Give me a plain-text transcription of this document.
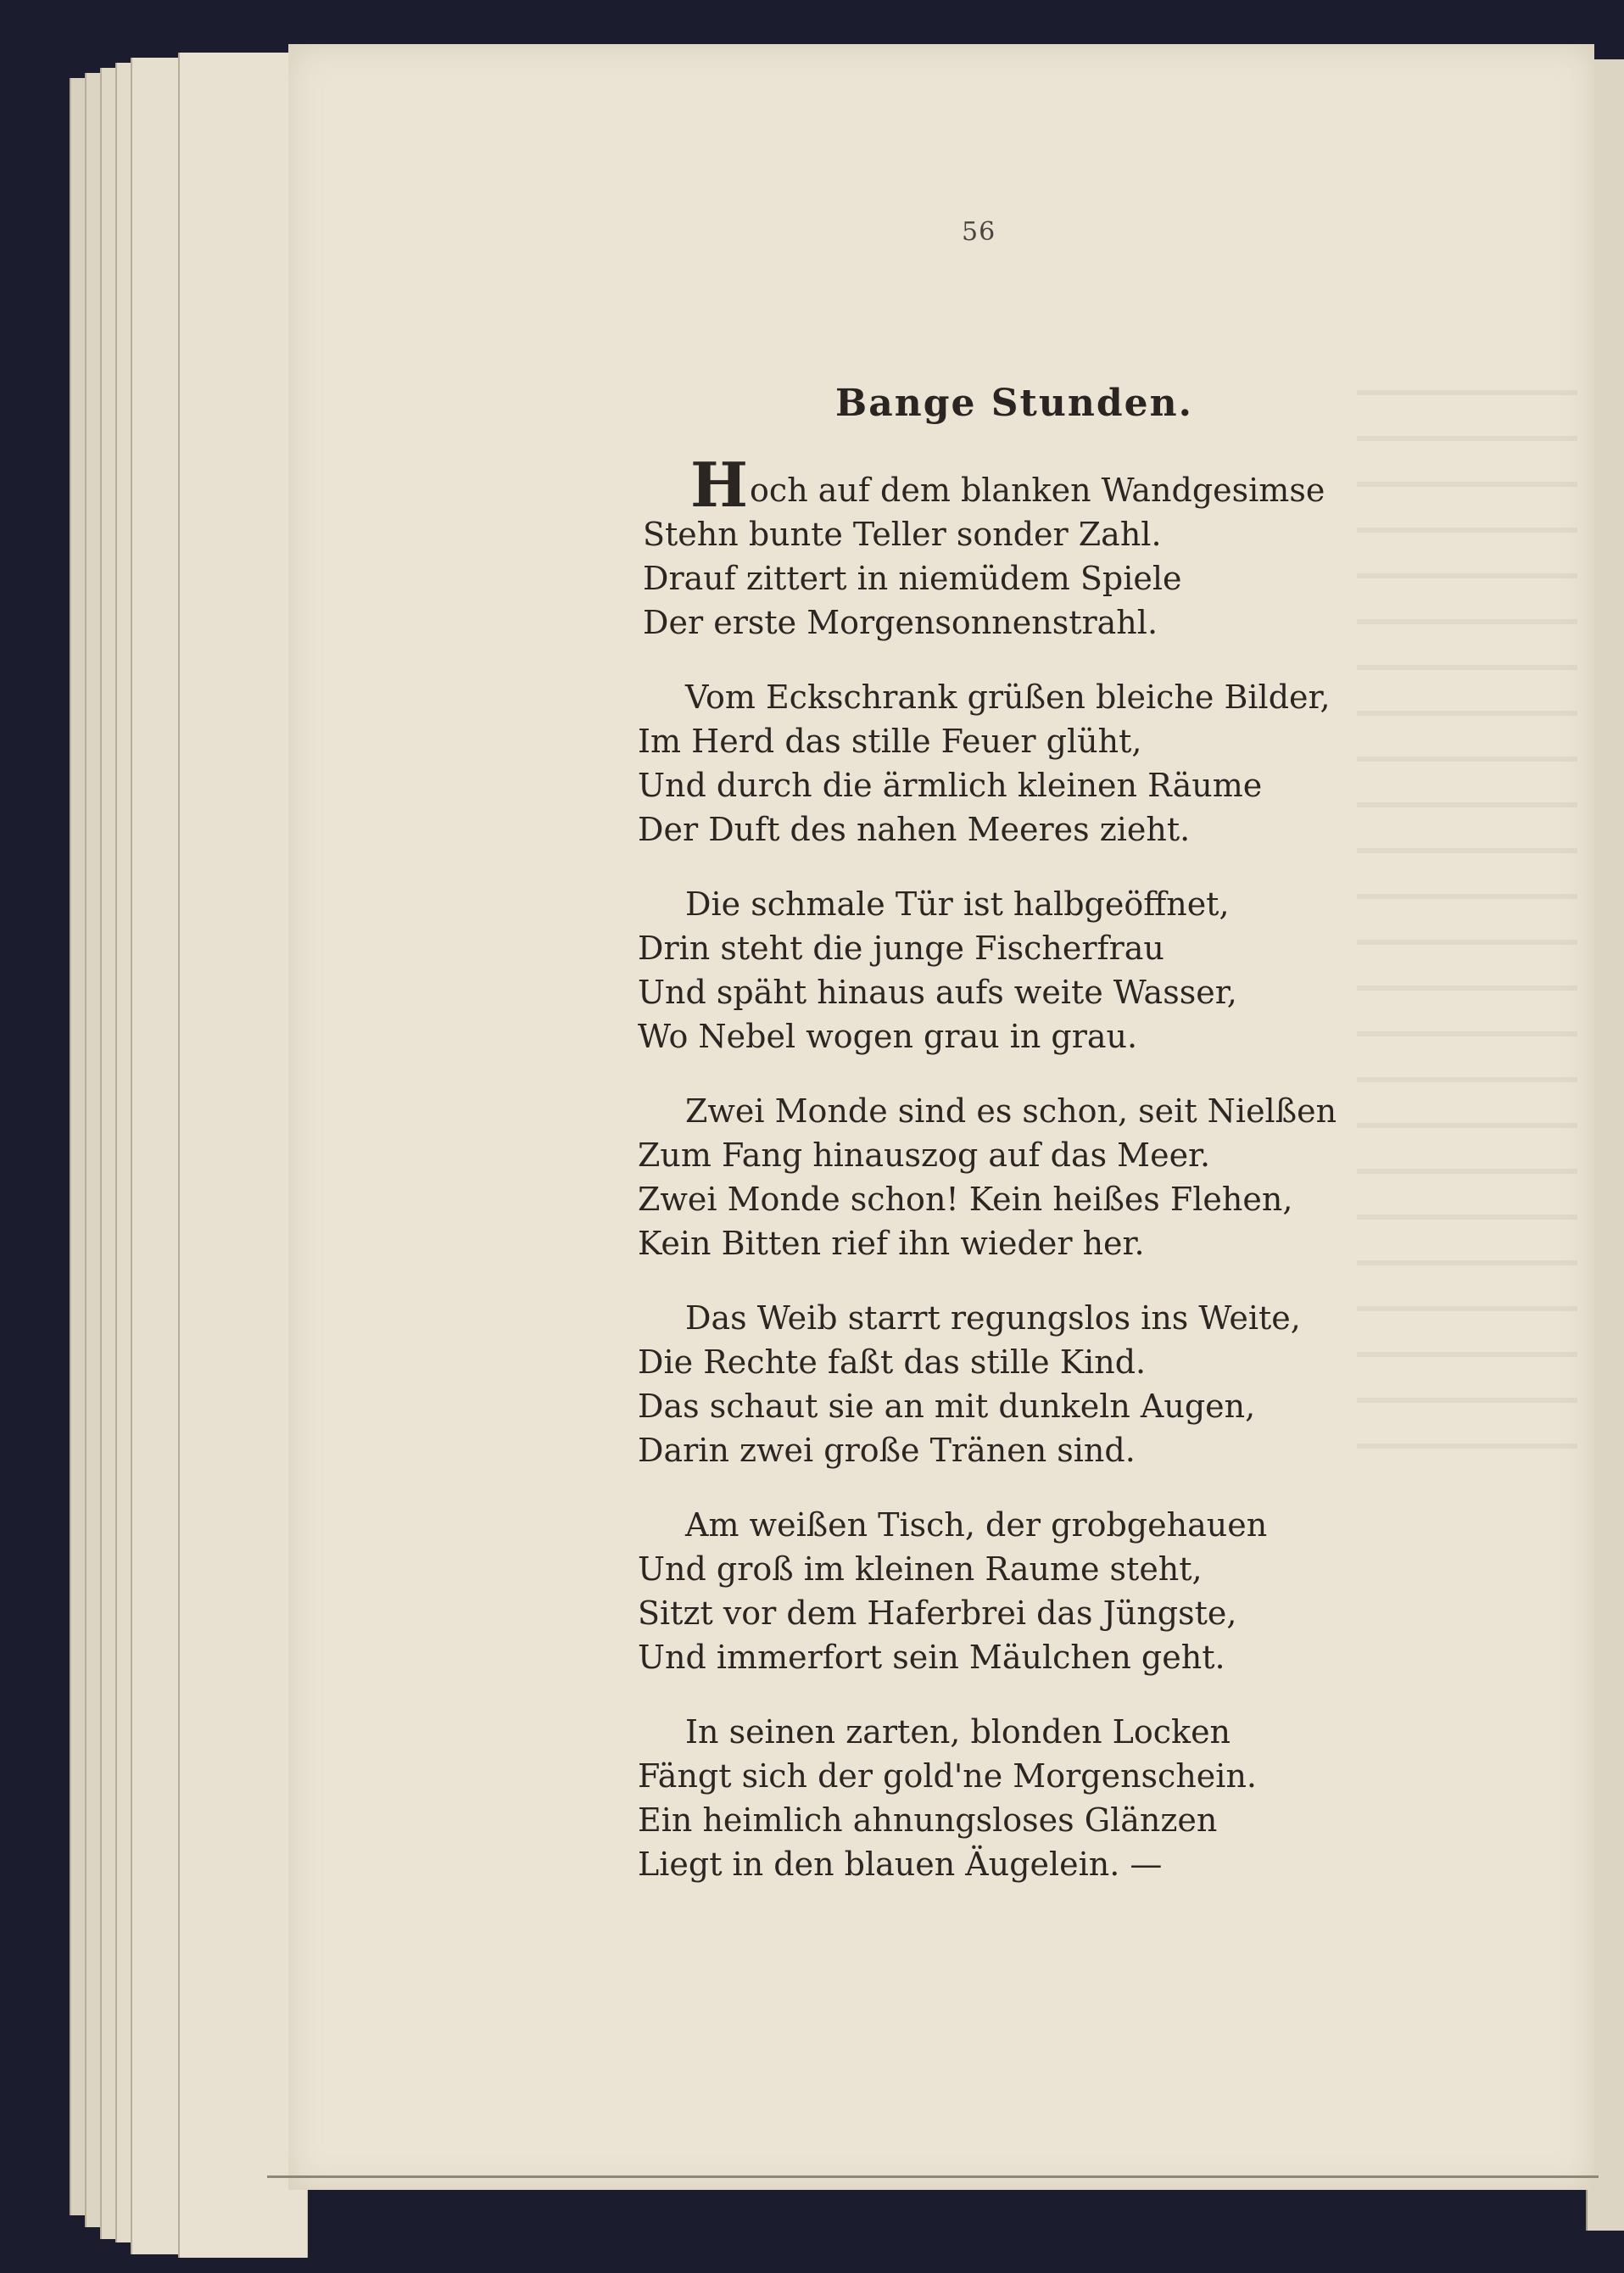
56
Bange Stunden.
Hoch auf dem blanken Wandgesimse
Stehn bunte Teller sonder Zahl.
Drauf zittert in niemüdem Spiele
Der erste Morgensonnenstrahl.
Vom Eckschrank grüßen bleiche Bilder,
Im Herd das stille Feuer glüht,
Und durch die ärmlich kleinen Räume
Der Duft des nahen Meeres zieht.
Die schmale Tür ist halbgeöffnet,
Drin steht die junge Fischerfrau
Und späht hinaus aufs weite Wasser,
Wo Nebel wogen grau in grau.
Zwei Monde sind es schon, seit Nielßen
Zum Fang hinauszog auf das Meer.
Zwei Monde schon! Kein heißes Flehen,
Kein Bitten rief ihn wieder her.
Das Weib starrt regungslos ins Weite,
Die Rechte faßt das stille Kind.
Das schaut sie an mit dunkeln Augen,
Darin zwei große Tränen sind.
Am weißen Tisch, der grobgehauen
Und groß im kleinen Raume steht,
Sitzt vor dem Haferbrei das Jüngste,
Und immerfort sein Mäulchen geht.
In seinen zarten, blonden Locken
Fängt sich der gold'ne Morgenschein.
Ein heimlich ahnungsloses Glänzen
Liegt in den blauen Äugelein. —
